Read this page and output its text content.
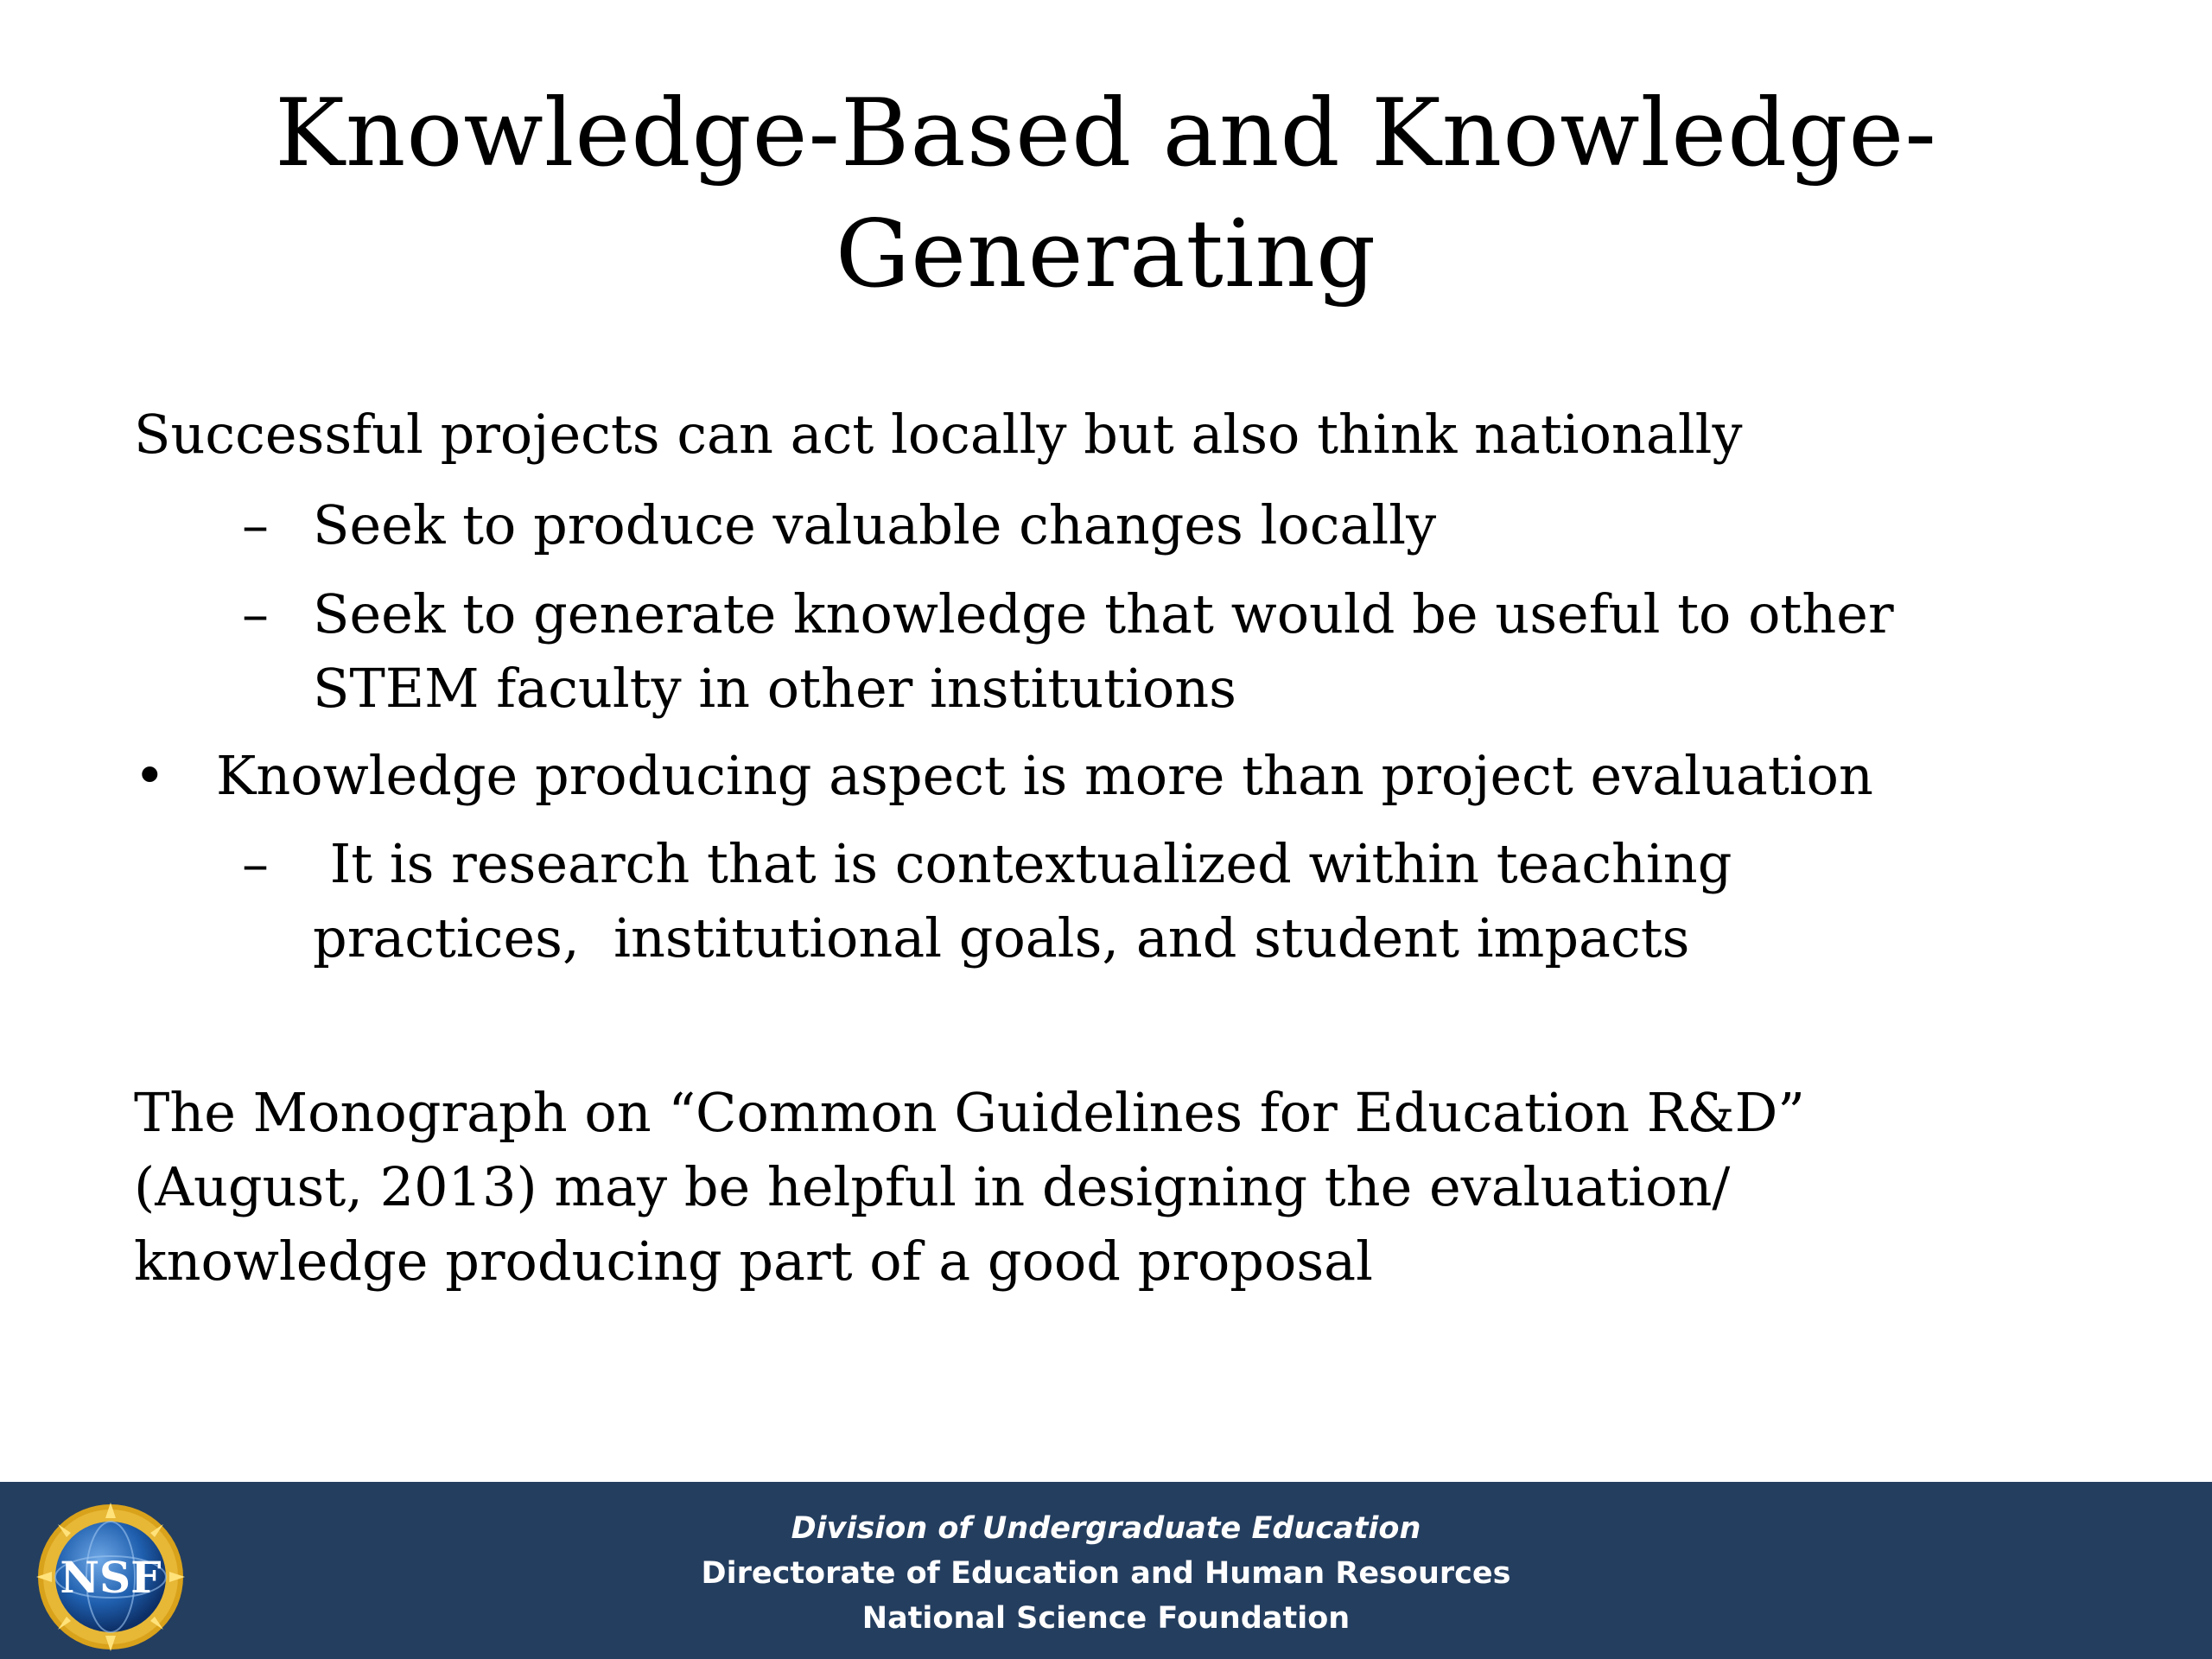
Knowledge-Based and Knowledge-
Generating

Successful projects can act locally but also think nationally

– Seek to produce valuable changes locally
– Seek to generate knowledge that would be useful to other
STEM faculty in other institutions
• Knowledge producing aspect is more than project evaluation
– It is research that is contextualized within teaching
practices,  institutional goals, and student impacts

The Monograph on “Common Guidelines for Education R&D”
(August, 2013) may be helpful in designing the evaluation/
knowledge producing part of a good proposal

NSF
Division of Undergraduate Education
Directorate of Education and Human Resources
National Science Foundation
